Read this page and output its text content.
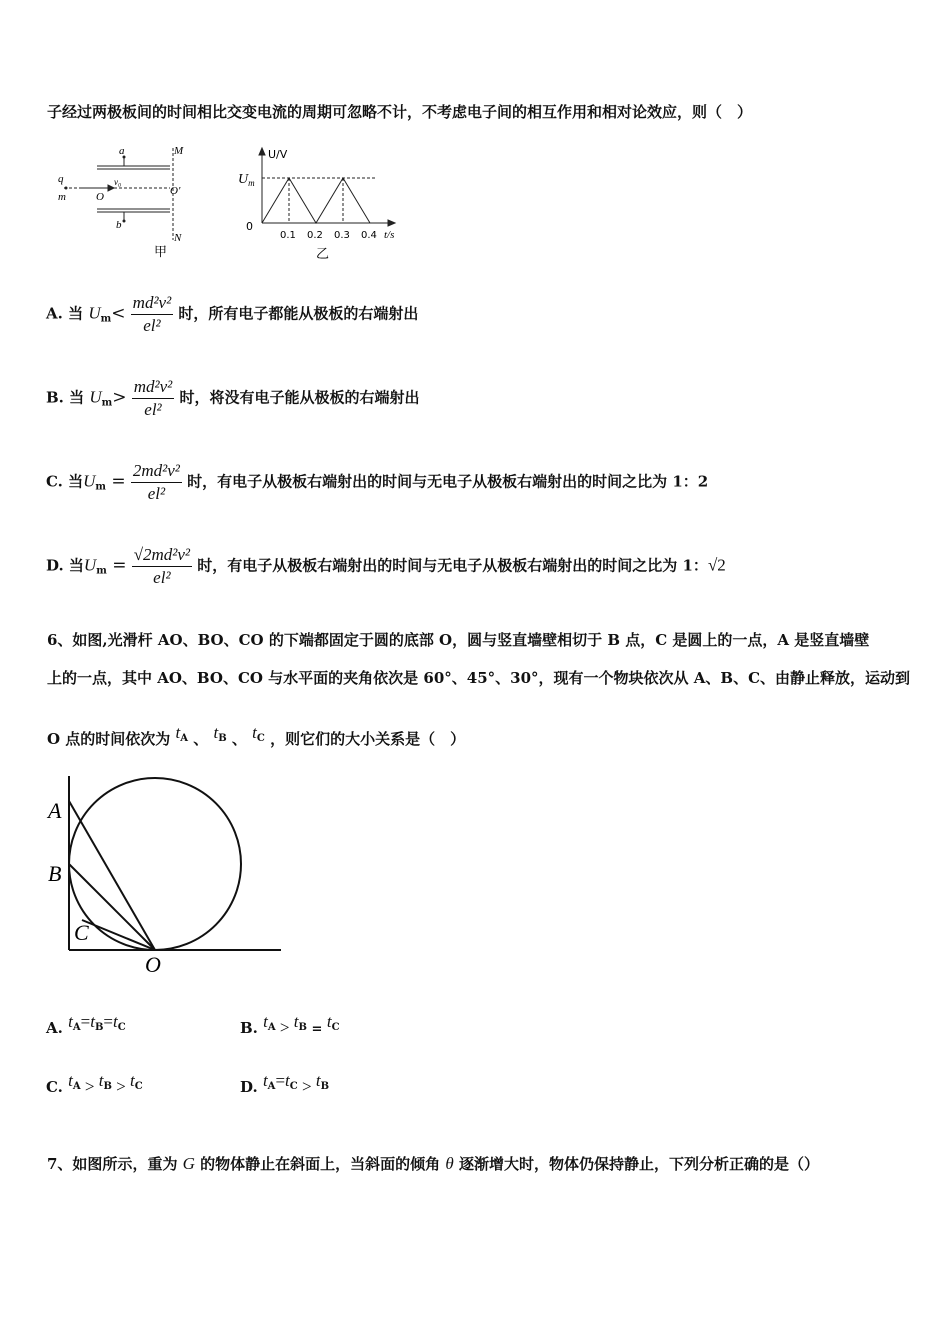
子经过两极板间的时间相比交变电流的周期可忽略不计，不考虑电子间的相互作用和相对论效应，则（　）
a	M
q
m
v₀
O	O'
b
N
甲
U/V
$U_m$
0
0.1 0.2 0.3 0.4 t/s
乙
A. 当 $U_m< \frac{\text{md²v²}}{\text{el²}}$ 时，所有电子都能从极板的右端射出
B. 当 $U_m> \frac{\text{md²v²}}{\text{el²}}$ 时，将没有电子能从极板的右端射出
C. 当$U_m = \frac{\text{2md²v²}}{\text{el²}}$ 时，有电子从极板右端射出的时间与无电子从极板右端射出的时间之比为 1：2
D. 当$U_m = \frac{\text{√2md²v²}}{\text{el²}}$ 时，有电子从极板右端射出的时间与无电子从极板右端射出的时间之比为 1：√2
6、如图,光滑杆 AO、BO、CO 的下端都固定于圆的底部 O，圆与竖直墙壁相切于 B 点，C 是圆上的一点，A 是竖直墙壁
上的一点，其中 AO、BO、CO 与水平面的夹角依次是 60°、45°、30°，现有一个物块依次从 A、B、C、由静止释放，运动到
O 点的时间依次为 $t^A$ 、 $t^B$ 、 $t^C$ ，则它们的大小关系是（　）
A
B
C
O
A. $t^A=t^B=t^C$	B. $t^A > t^B = t^C$
C. $t^A > t^B > t^C$	D. $t^A=t^C > t^B$
7、如图所示，重为 G 的物体静止在斜面上，当斜面的倾角 θ 逐渐增大时，物体仍保持静止，下列分析正确的是（）
